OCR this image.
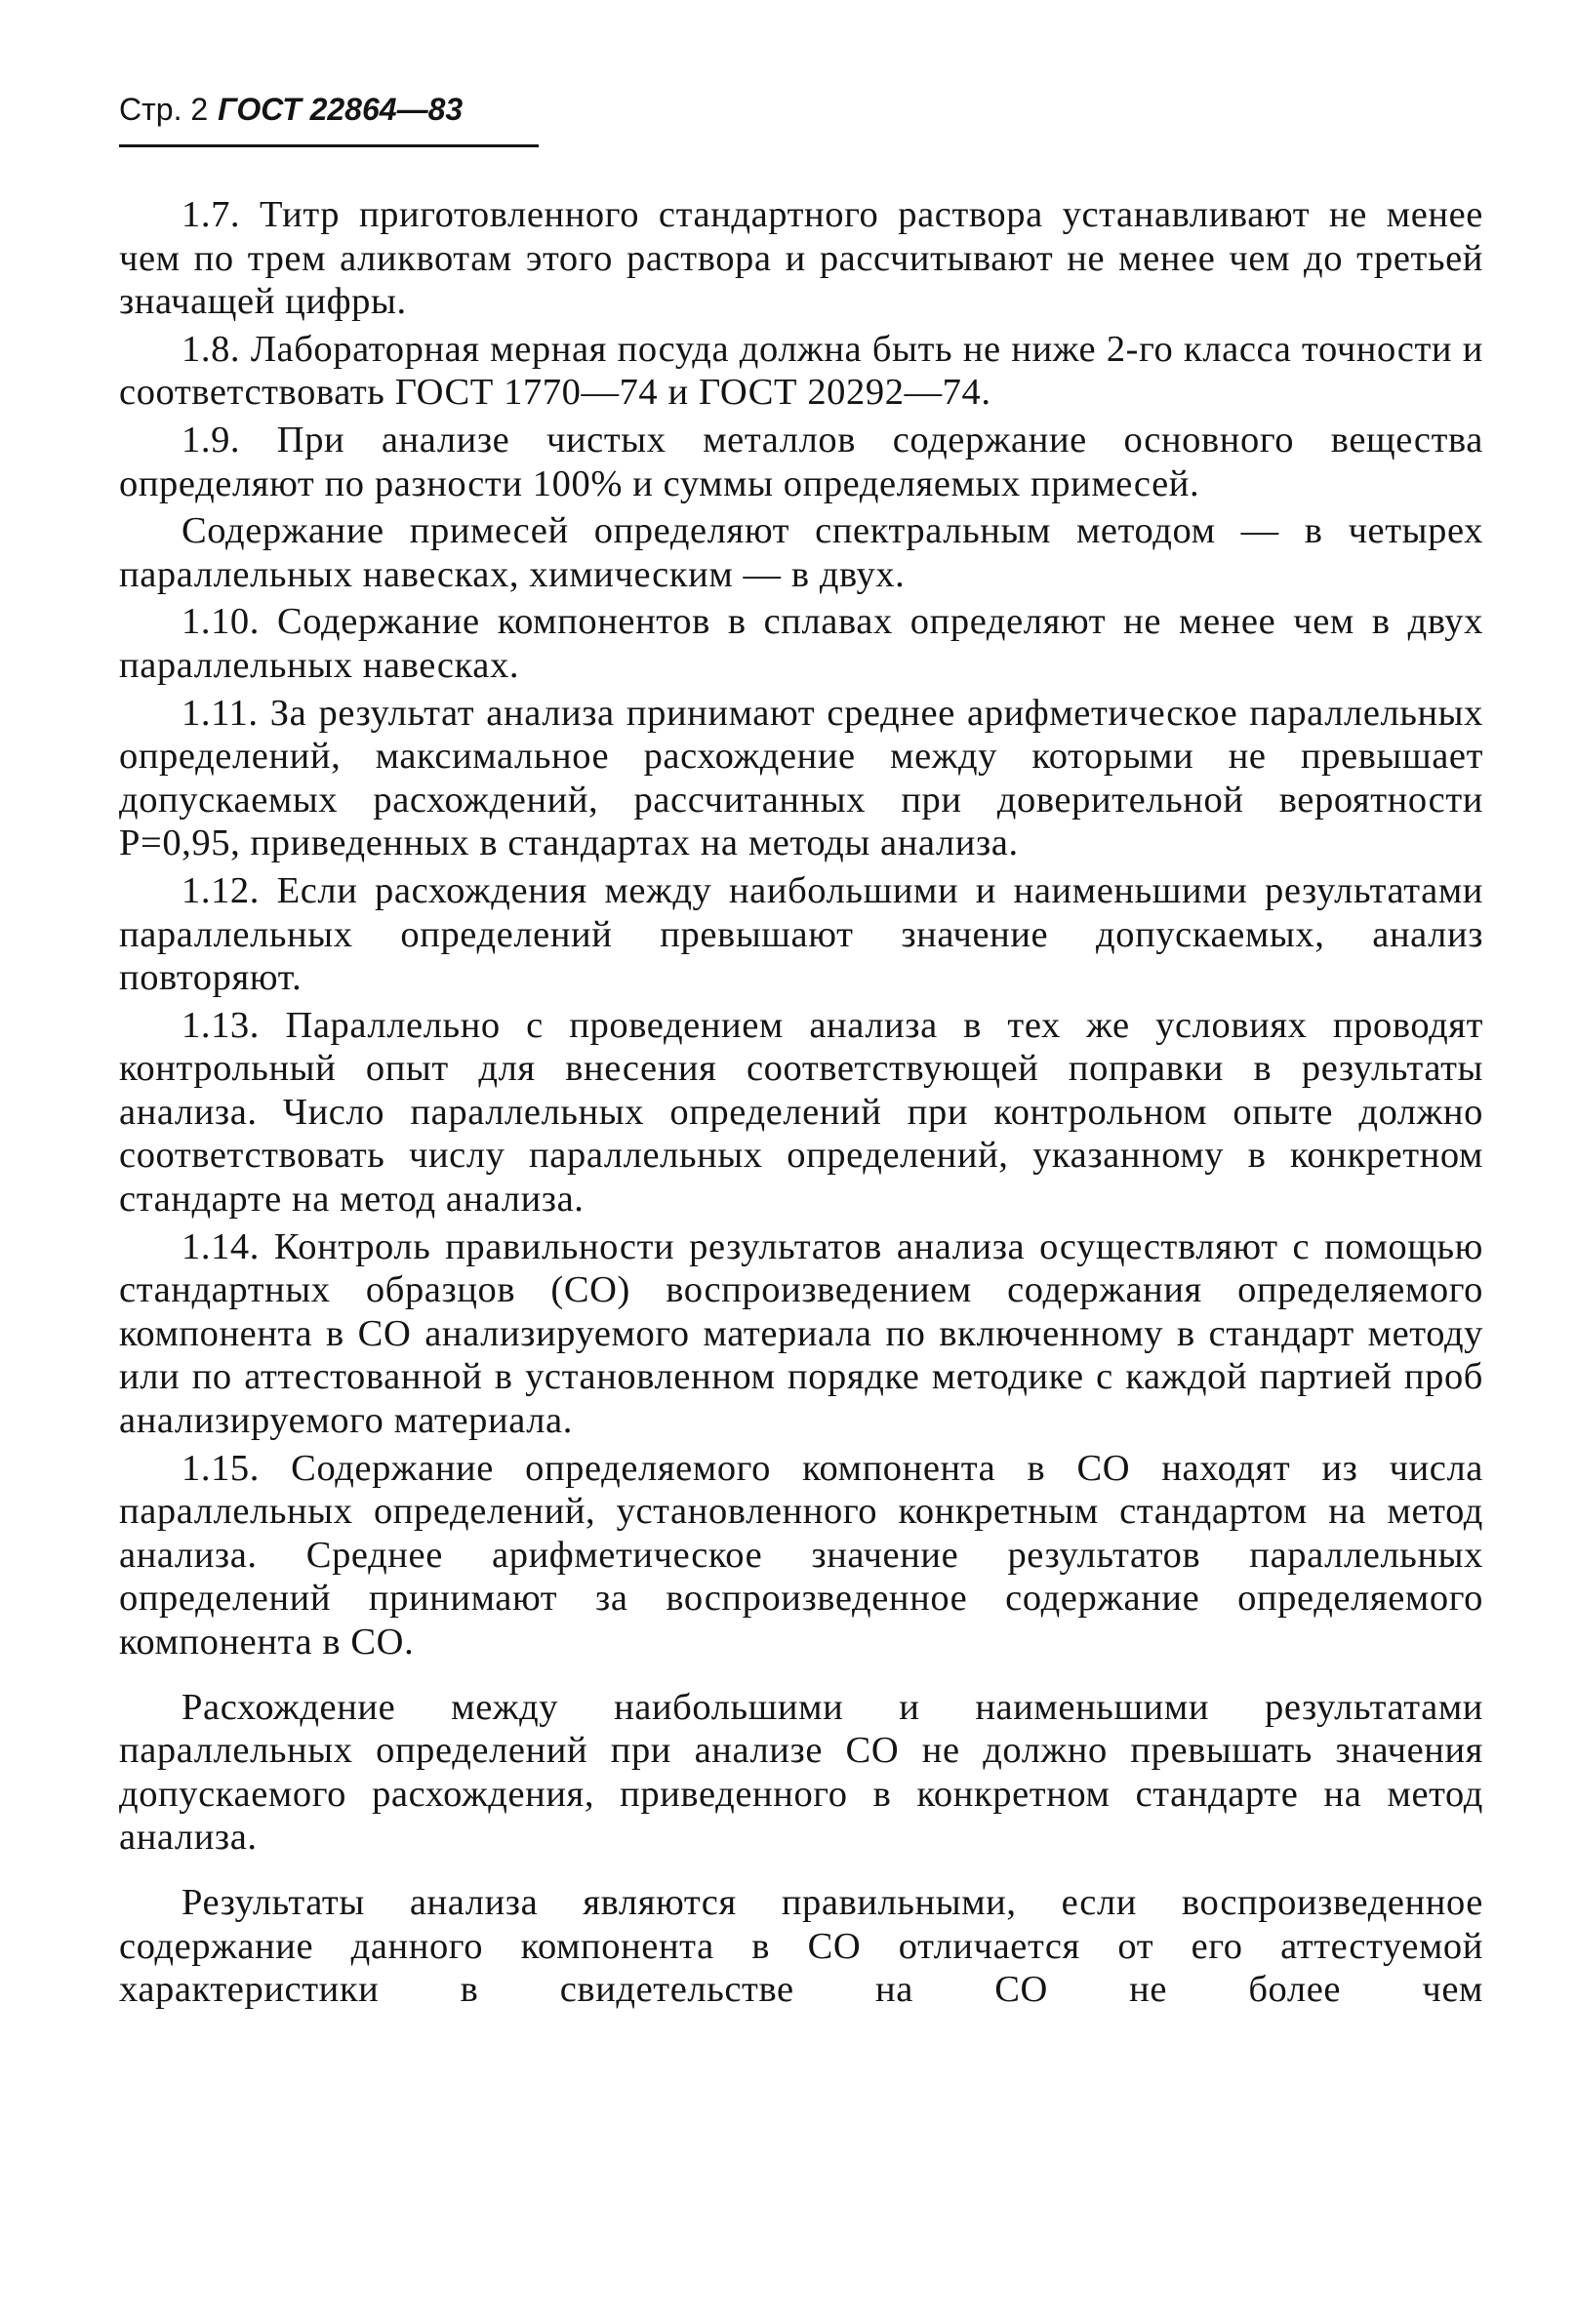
Стр. 2 ГОСТ 22864—83

1.7. Титр приготовленного стандартного раствора устанавливают не менее чем по трем аликвотам этого раствора и рассчитывают не менее чем до третьей значащей цифры.

1.8. Лабораторная мерная посуда должна быть не ниже 2-го класса точности и соответствовать ГОСТ 1770—74 и ГОСТ 20292—74.

1.9. При анализе чистых металлов содержание основного вещества определяют по разности 100% и суммы определяемых примесей.

Содержание примесей определяют спектральным методом — в четырех параллельных навесках, химическим — в двух.

1.10. Содержание компонентов в сплавах определяют не менее чем в двух параллельных навесках.

1.11. За результат анализа принимают среднее арифметическое параллельных определений, максимальное расхождение между которыми не превышает допускаемых расхождений, рассчитанных при доверительной вероятности P=0,95, приведенных в стандартах на методы анализа.

1.12. Если расхождения между наибольшими и наименьшими результатами параллельных определений превышают значение допускаемых, анализ повторяют.

1.13. Параллельно с проведением анализа в тех же условиях проводят контрольный опыт для внесения соответствующей поправки в результаты анализа. Число параллельных определений при контрольном опыте должно соответствовать числу параллельных определений, указанному в конкретном стандарте на метод анализа.

1.14. Контроль правильности результатов анализа осуществляют с помощью стандартных образцов (СО) воспроизведением содержания определяемого компонента в СО анализируемого материала по включенному в стандарт методу или по аттестованной в установленном порядке методике с каждой партией проб анализируемого материала.

1.15. Содержание определяемого компонента в СО находят из числа параллельных определений, установленного конкретным стандартом на метод анализа. Среднее арифметическое значение результатов параллельных определений принимают за воспроизведенное содержание определяемого компонента в СО.

Расхождение между наибольшими и наименьшими результатами параллельных определений при анализе СО не должно превышать значения допускаемого расхождения, приведенного в конкретном стандарте на метод анализа.

Результаты анализа являются правильными, если воспроизведенное содержание данного компонента в СО отличается от его аттестуемой характеристики в свидетельстве на СО не более чем
